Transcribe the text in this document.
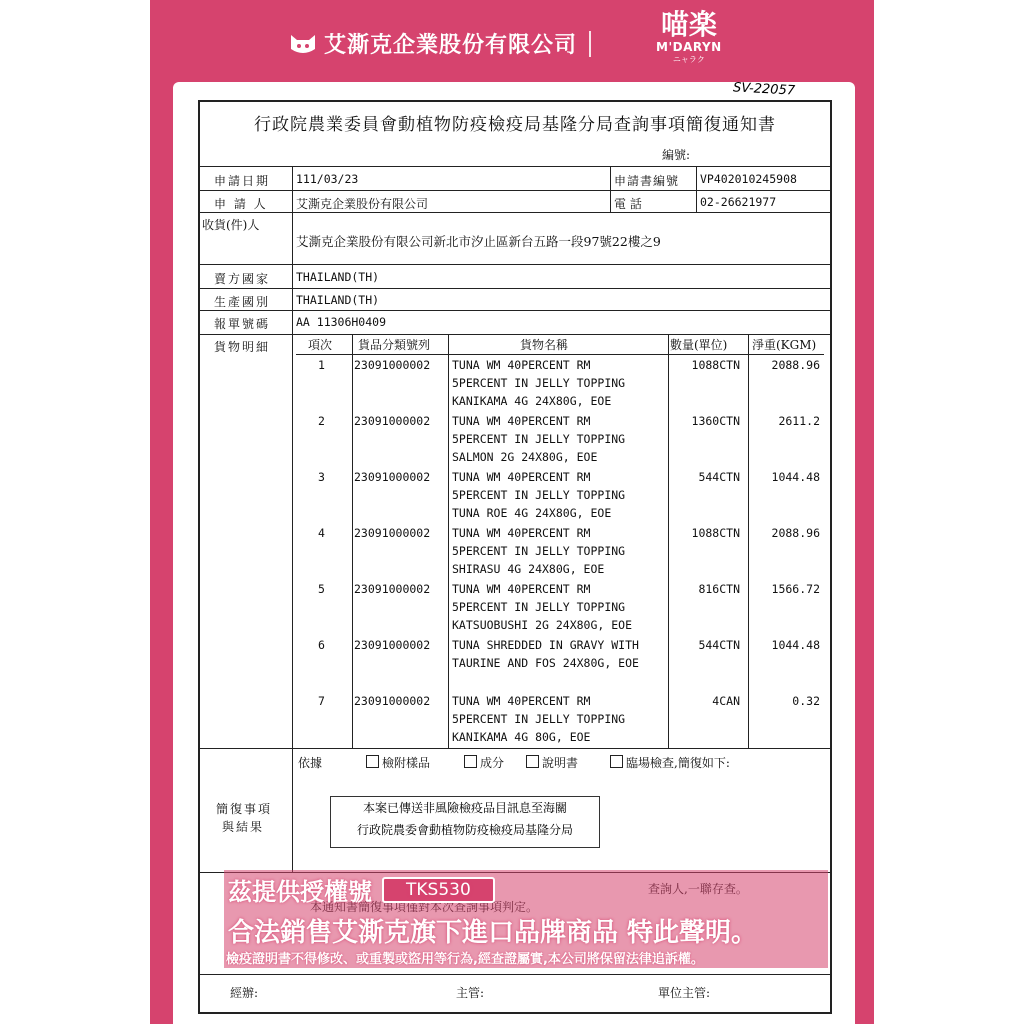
艾澌克企業股份有限公司
喵楽
M'DARYN
ニャラク
SV-22057
行政院農業委員會動植物防疫檢疫局基隆分局查詢事項簡復通知書
編號:
申請日期 111/03/23	申請書編號 VP402010245908
申 請 人 艾澌克企業股份有限公司	電 話	02-26621977
收貨(件)人
艾澌克企業股份有限公司新北市汐止區新台五路一段97號22樓之9
賣方國家 THAILAND(TH)
生產國別 THAILAND(TH)
報單號碼 AA 11306H0409
貨物明細	項次 貨品分類號列	貨物名稱	數量(單位) 淨重(KGM)
1	23091000002 TUNA WM 40PERCENT RM
5PERCENT IN JELLY TOPPING
KANIKAMA 4G 24X80G, EOE
1088CTN	2088.96
2	23091000002 TUNA WM 40PERCENT RM
5PERCENT IN JELLY TOPPING
SALMON 2G 24X80G, EOE
1360CTN	2611.2
3	23091000002 TUNA WM 40PERCENT RM
5PERCENT IN JELLY TOPPING
TUNA ROE 4G 24X80G, EOE
544CTN	1044.48
4	23091000002 TUNA WM 40PERCENT RM
5PERCENT IN JELLY TOPPING
SHIRASU 4G 24X80G, EOE
1088CTN	2088.96
5	23091000002 TUNA WM 40PERCENT RM
5PERCENT IN JELLY TOPPING
KATSUOBUSHI 2G 24X80G, EOE
816CTN	1566.72
6	23091000002 TUNA SHREDDED IN GRAVY WITH
TAURINE AND FOS 24X80G, EOE
544CTN	1044.48
7	23091000002 TUNA WM 40PERCENT RM
5PERCENT IN JELLY TOPPING
KANIKAMA 4G 80G, EOE
4CAN	0.32
依據	檢附樣品	成分	說明書	臨場檢查,簡復如下:
簡復事項
與結果
經辦:	主管:	單位主管:
本案已傳送非風險檢疫品目訊息至海關
行政院農委會動植物防疫檢疫局基隆分局
茲提供授權號	TKS530
合法銷售艾澌克旗下進口品牌商品 特此聲明。
檢疫證明書不得修改、或重製或盜用等行為,經查證屬實,本公司將保留法律追訴權。
